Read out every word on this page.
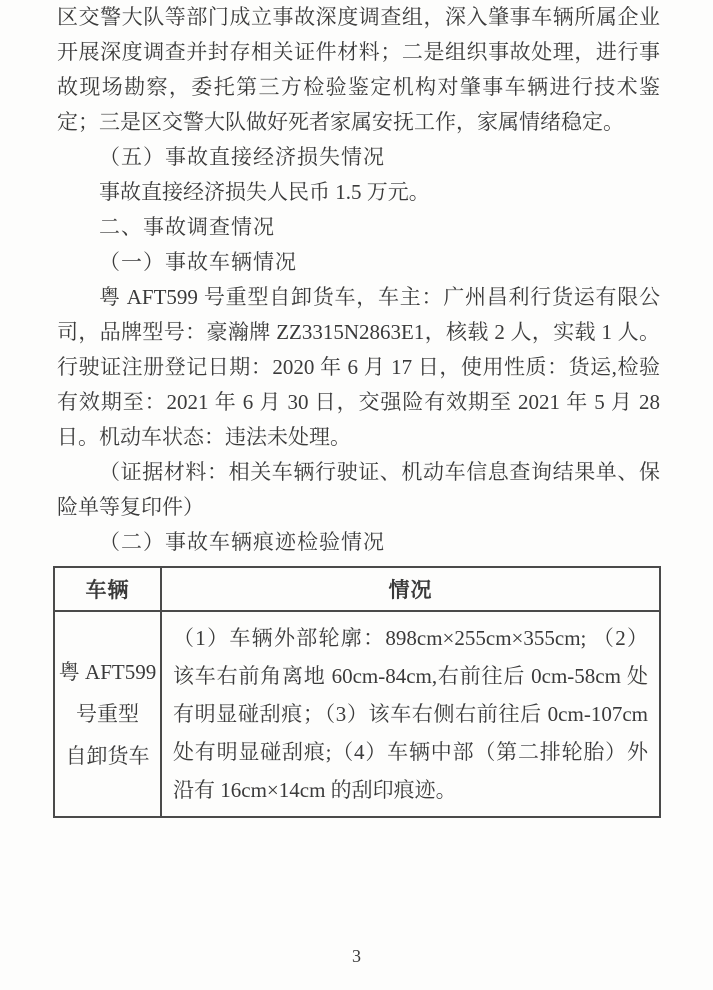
区交警大队等部门成立事故深度调查组，深入肇事车辆所属企业开展深度调查并封存相关证件材料；二是组织事故处理，进行事故现场勘察，委托第三方检验鉴定机构对肇事车辆进行技术鉴定；三是区交警大队做好死者家属安抚工作，家属情绪稳定。

（五）事故直接经济损失情况

事故直接经济损失人民币 1.5 万元。

二、事故调查情况
（一）事故车辆情况

粤 AFT599 号重型自卸货车，车主：广州昌利行货运有限公司，品牌型号：豪瀚牌 ZZ3315N2863E1，核载 2 人，实载 1 人。行驶证注册登记日期：2020 年 6 月 17 日，使用性质：货运,检验有效期至：2021 年 6 月 30 日，交强险有效期至 2021 年 5 月 28 日。机动车状态：违法未处理。

（证据材料：相关车辆行驶证、机动车信息查询结果单、保险单等复印件）

（二）事故车辆痕迹检验情况
车辆	情况

粤 AFT599
号重型
自卸货车	（1）车辆外部轮廓：898cm×255cm×355cm; （2）该车右前角离地 60cm-84cm,右前往后 0cm-58cm 处有明显碰刮痕；（3）该车右侧右前往后 0cm-107cm 处有明显碰刮痕;（4）车辆中部（第二排轮胎）外沿有 16cm×14cm 的刮印痕迹。
3
